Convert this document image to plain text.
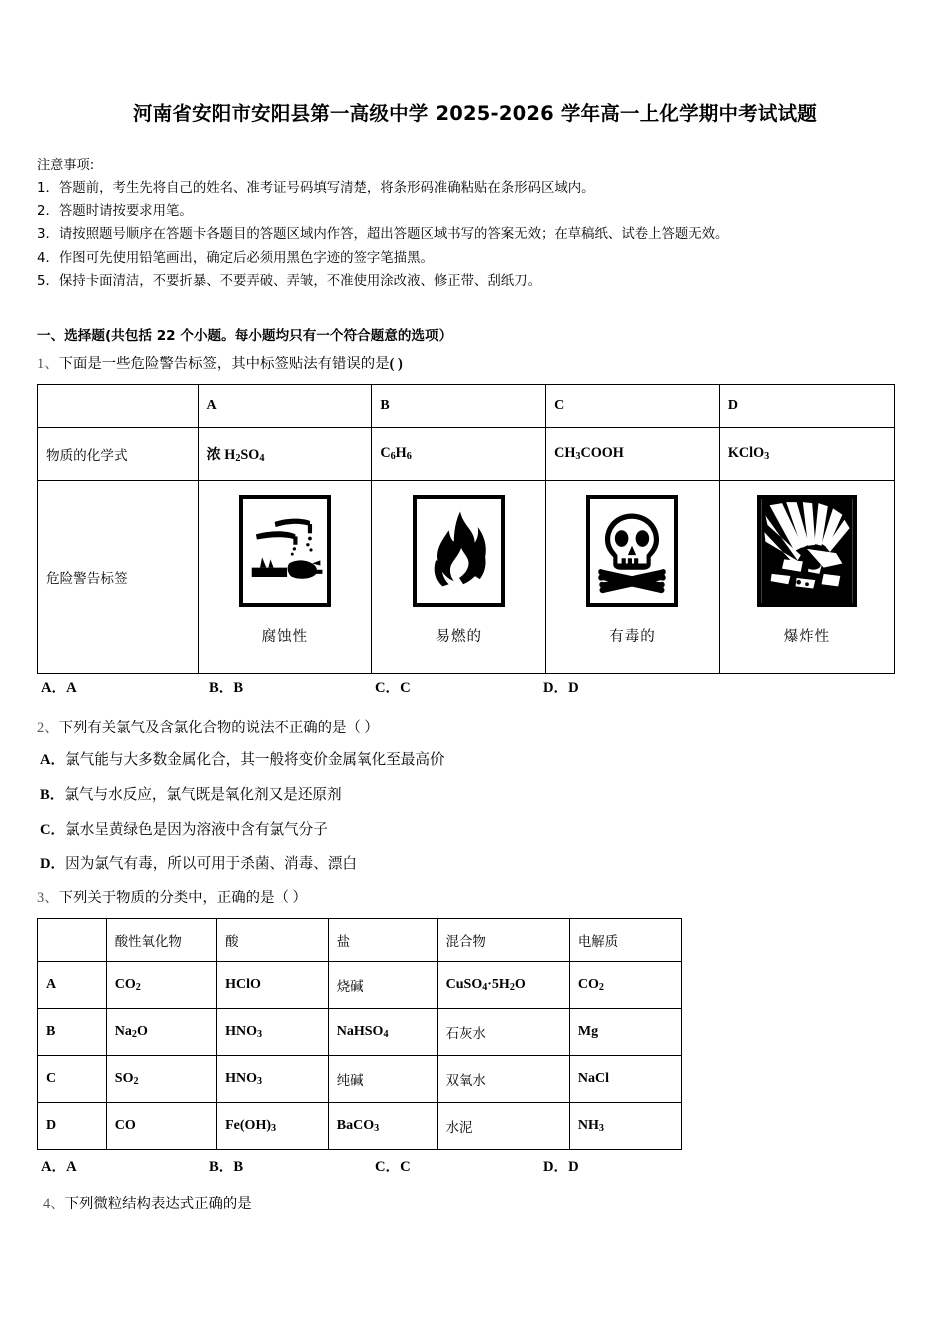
河南省安阳市安阳县第一高级中学 2025-2026 学年高一上化学期中考试试题
注意事项:
1．答题前，考生先将自己的姓名、准考证号码填写清楚，将条形码准确粘贴在条形码区域内。
2．答题时请按要求用笔。
3．请按照题号顺序在答题卡各题目的答题区域内作答，超出答题区域书写的答案无效；在草稿纸、试卷上答题无效。
4．作图可先使用铅笔画出，确定后必须用黑色字迹的签字笔描黑。
5．保持卡面清洁，不要折暴、不要弄破、弄皱，不准使用涂改液、修正带、刮纸刀。
一、选择题(共包括 22 个小题。每小题均只有一个符合题意的选项）
1、下面是一些危险警告标签，其中标签贴法有错误的是( )
	A	B	C	D
物质的化学式	浓 $H_2SO_4$	$C_6H_6$	$CH_3COOH$	KClO$_3$
危险警告标签	腐蚀性	易燃的	有毒的	爆炸性
A．A	B．B	C．C	D．D
2、下列有关氯气及含氯化合物的说法不正确的是（ ）
A．氯气能与大多数金属化合，其一般将变价金属氧化至最高价
B．氯气与水反应，氯气既是氧化剂又是还原剂
C．氯水呈黄绿色是因为溶液中含有氯气分子
D．因为氯气有毒，所以可用于杀菌、消毒、漂白
3、下列关于物质的分类中，正确的是（ ）
	酸性氧化物	酸	盐	混合物	电解质
A	$CO_2$	HClO	烧碱	$CuSO_4\cdot 5H_2O$	$CO_2$
B	$Na_2O$	$HNO_3$	NaHSO$_4$	石灰水	Mg
C	$SO_2$	$HNO_3$	纯碱	双氧水	NaCl
D	CO	$Fe(OH)_3$	BaCO$_3$	水泥	$NH_3$
A．A	B．B	C．C	D．D
4、下列微粒结构表达式正确的是
